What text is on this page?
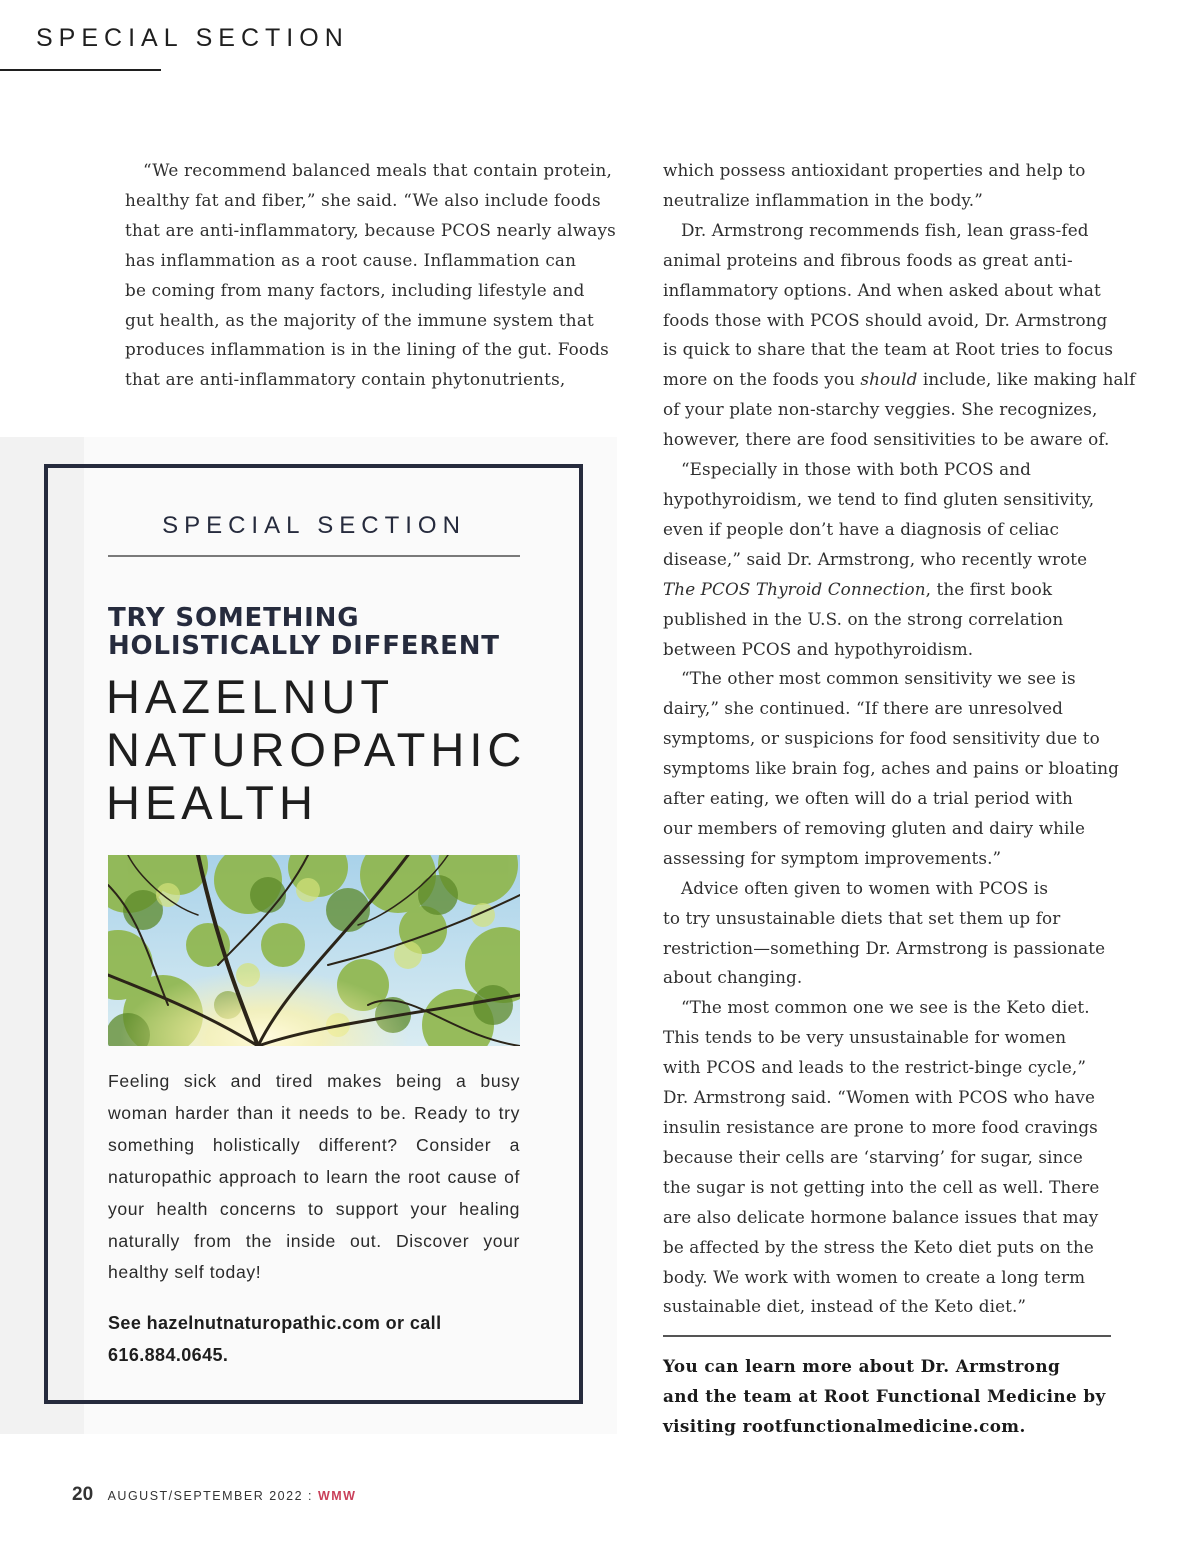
SPECIAL SECTION
“We recommend balanced meals that contain protein,
healthy fat and fiber,” she said. “We also include foods
that are anti-inflammatory, because PCOS nearly always
has inflammation as a root cause. Inflammation can
be coming from many factors, including lifestyle and
gut health, as the majority of the immune system that
produces inflammation is in the lining of the gut. Foods
that are anti-inflammatory contain phytonutrients,
which possess antioxidant properties and help to
neutralize inflammation in the body.”
Dr. Armstrong recommends fish, lean grass-fed
animal proteins and fibrous foods as great anti-
inflammatory options. And when asked about what
foods those with PCOS should avoid, Dr. Armstrong
is quick to share that the team at Root tries to focus
more on the foods you should include, like making half
of your plate non-starchy veggies. She recognizes,
however, there are food sensitivities to be aware of.
“Especially in those with both PCOS and
hypothyroidism, we tend to find gluten sensitivity,
even if people don’t have a diagnosis of celiac
disease,” said Dr. Armstrong, who recently wrote
The PCOS Thyroid Connection, the first book
published in the U.S. on the strong correlation
between PCOS and hypothyroidism.
“The other most common sensitivity we see is
dairy,” she continued. “If there are unresolved
symptoms, or suspicions for food sensitivity due to
symptoms like brain fog, aches and pains or bloating
after eating, we often will do a trial period with
our members of removing gluten and dairy while
assessing for symptom improvements.”
Advice often given to women with PCOS is
to try unsustainable diets that set them up for
restriction—something Dr. Armstrong is passionate
about changing.
“The most common one we see is the Keto diet.
This tends to be very unsustainable for women
with PCOS and leads to the restrict-binge cycle,”
Dr. Armstrong said. “Women with PCOS who have
insulin resistance are prone to more food cravings
because their cells are ‘starving’ for sugar, since
the sugar is not getting into the cell as well. There
are also delicate hormone balance issues that may
be affected by the stress the Keto diet puts on the
body. We work with women to create a long term
sustainable diet, instead of the Keto diet.”
You can learn more about Dr. Armstrong
and the team at Root Functional Medicine by
visiting rootfunctionalmedicine.com.
SPECIAL SECTION
TRY SOMETHING
HOLISTICALLY DIFFERENT
HAZELNUT
NATUROPATHIC
HEALTH
Feeling sick and tired makes being a busy woman harder than it needs to be. Ready to try something holistically different? Consider a naturopathic approach to learn the root cause of your health concerns to support your healing naturally from the inside out. Discover your healthy self today!
See hazelnutnaturopathic.com or call
616.884.0645.
20 AUGUST/SEPTEMBER 2022 : WMW
